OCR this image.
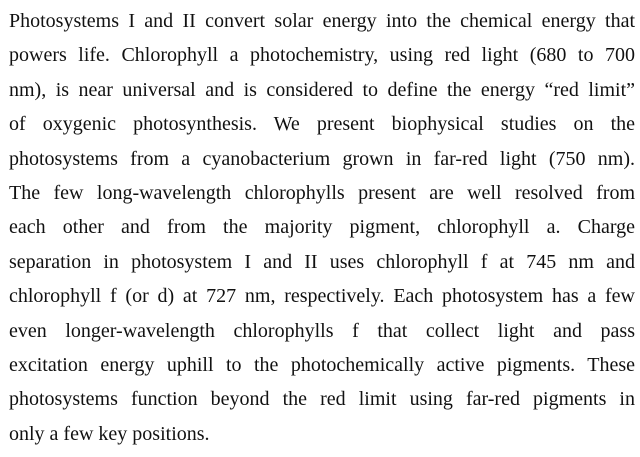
Photosystems I and II convert solar energy into the chemical energy that
powers life. Chlorophyll a photochemistry, using red light (680 to 700
nm), is near universal and is considered to define the energy “red limit”
of oxygenic photosynthesis. We present biophysical studies on the
photosystems from a cyanobacterium grown in far-red light (750 nm).
The few long-wavelength chlorophylls present are well resolved from
each other and from the majority pigment, chlorophyll a. Charge
separation in photosystem I and II uses chlorophyll f at 745 nm and
chlorophyll f (or d) at 727 nm, respectively. Each photosystem has a few
even longer-wavelength chlorophylls f that collect light and pass
excitation energy uphill to the photochemically active pigments. These
photosystems function beyond the red limit using far-red pigments in
only a few key positions.
